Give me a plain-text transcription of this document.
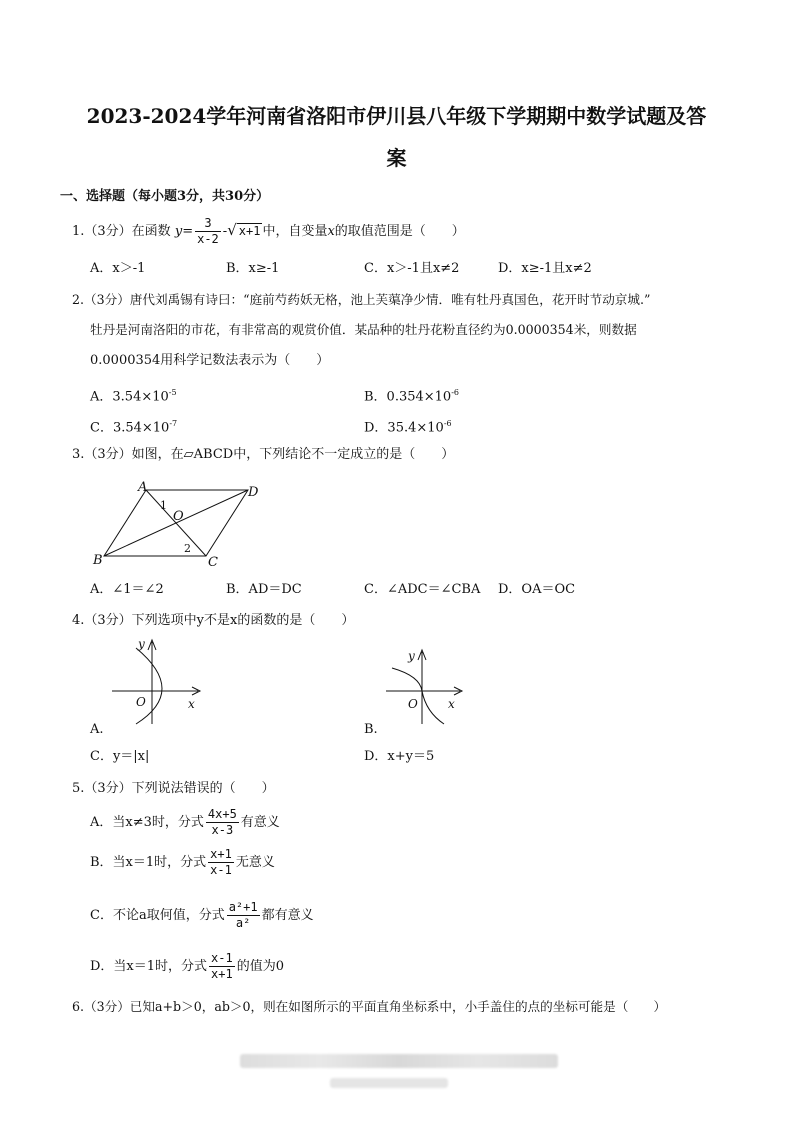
2023-2024学年河南省洛阳市伊川县八年级下学期期中数学试题及答
案
一、选择题（每小题3分，共30分）
1.（3分）在函数 $y= \frac{3}{x-2}$ -√ x+1 中，自变量x的取值范围是（　　）
A．x＞-1	B．x≥-1	C．x＞-1且x≠2	D．x≥-1且x≠2
2.（3分）唐代刘禹锡有诗曰：“庭前芍药妖无格，池上芙蕖净少情．唯有牡丹真国色，花开时节动京城.”
牡丹是河南洛阳的市花，有非常高的观赏价值．某品种的牡丹花粉直径约为0.0000354米，则数据
0.0000354用科学记数法表示为（　　）
A．$3.54\times 10^{-5}$	B．$0.354\times 10^{-6}$
C．$3.54\times 10^{-7}$	D．$35.4\times 10^{-6}$
3.（3分）如图，在▱ABCD中，下列结论不一定成立的是（　　）
A	D
B	C
O
1
2
A．∠1＝∠2	B．AD＝DC	C．∠ADC＝∠CBA D．OA＝OC
4.（3分）下列选项中y不是x的函数的是（　　）
y
x
O
A.
y
x
O
B.
C．y＝|x|	D．x+y＝5
5.（3分）下列说法错误的（　　）
A．当x≠3时，分式 $\frac{4x+5}{x-3}$ 有意义
B．当x＝1时，分式 $\frac{x+1}{x-1}$ 无意义
C．不论a取何值，分式 $\frac{\text{a²+1}}{\text{a²}}$ 都有意义
D．当x＝1时，分式 $\frac{x-1}{x+1}$ 的值为0
6.（3分）已知a+b＞0，ab＞0，则在如图所示的平面直角坐标系中，小手盖住的点的坐标可能是（　　）
